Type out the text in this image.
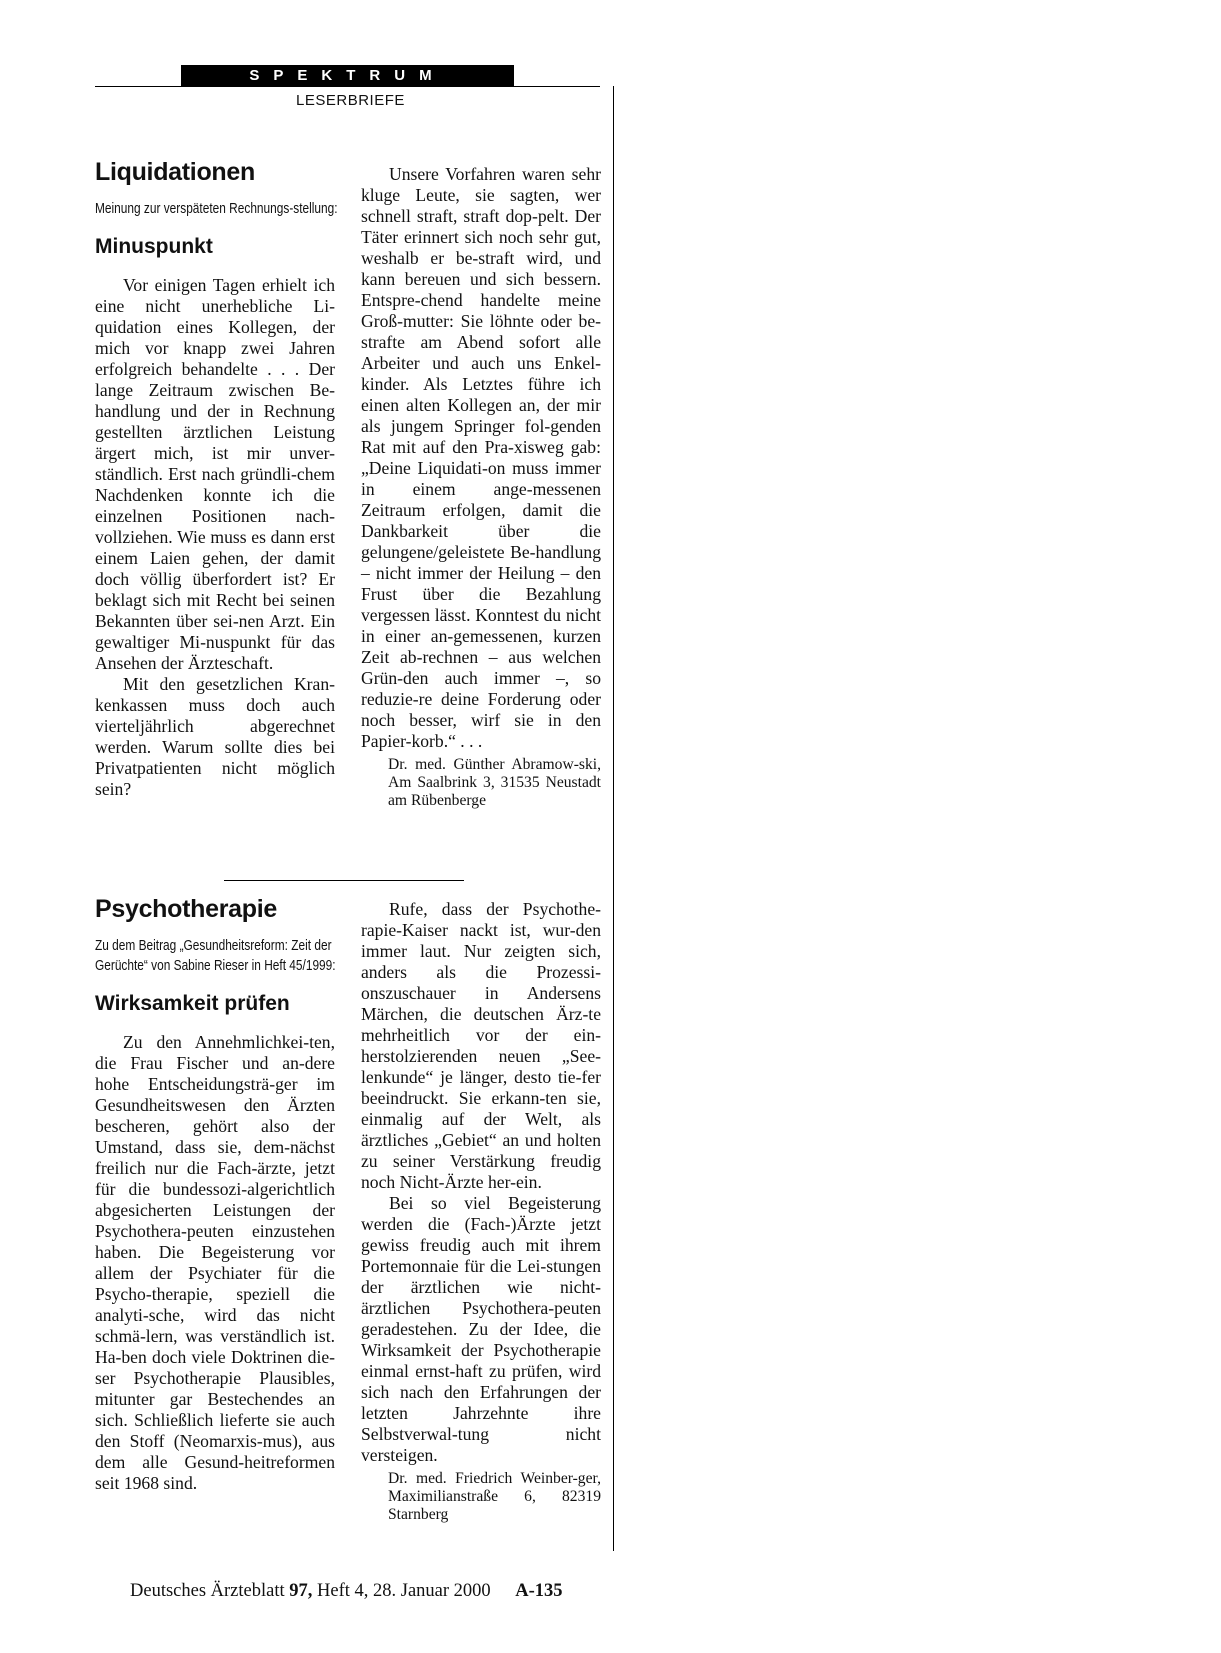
SPEKTRUM
LESERBRIEFE
Liquidationen
Meinung zur verspäteten Rechnungs-stellung:
Minuspunkt

Vor einigen Tagen erhielt ich eine nicht unerhebliche Li-quidation eines Kollegen, der mich vor knapp zwei Jahren erfolgreich behandelte . . . Der lange Zeitraum zwischen Be-handlung und der in Rechnung gestellten ärztlichen Leistung ärgert mich, ist mir unver-ständlich. Erst nach gründli-chem Nachdenken konnte ich die einzelnen Positionen nach-vollziehen. Wie muss es dann erst einem Laien gehen, der damit doch völlig überfordert ist? Er beklagt sich mit Recht bei seinen Bekannten über sei-nen Arzt. Ein gewaltiger Mi-nuspunkt für das Ansehen der Ärzteschaft.

Mit den gesetzlichen Kran-kenkassen muss doch auch vierteljährlich abgerechnet werden. Warum sollte dies bei Privatpatienten nicht möglich sein?

Unsere Vorfahren waren sehr kluge Leute, sie sagten, wer schnell straft, straft dop-pelt. Der Täter erinnert sich noch sehr gut, weshalb er be-straft wird, und kann bereuen und sich bessern. Entspre-chend handelte meine Groß-mutter: Sie löhnte oder be-strafte am Abend sofort alle Arbeiter und auch uns Enkel-kinder. Als Letztes führe ich einen alten Kollegen an, der mir als jungem Springer fol-genden Rat mit auf den Pra-xisweg gab: „Deine Liquidati-on muss immer in einem ange-messenen Zeitraum erfolgen, damit die Dankbarkeit über die gelungene/geleistete Be-handlung – nicht immer der Heilung – den Frust über die Bezahlung vergessen lässt. Konntest du nicht in einer an-gemessenen, kurzen Zeit ab-rechnen – aus welchen Grün-den auch immer –, so reduzie-re deine Forderung oder noch besser, wirf sie in den Papier-korb.“ . . .

Dr. med. Günther Abramow-ski, Am Saalbrink 3, 31535 Neustadt am Rübenberge
Psychotherapie
Zu dem Beitrag „Gesundheitsreform: Zeit der Gerüchte“ von Sabine Rieser in Heft 45/1999:
Wirksamkeit prüfen

Zu den Annehmlichkei-ten, die Frau Fischer und an-dere hohe Entscheidungsträ-ger im Gesundheitswesen den Ärzten bescheren, gehört also der Umstand, dass sie, dem-nächst freilich nur die Fach-ärzte, jetzt für die bundessozi-algerichtlich abgesicherten Leistungen der Psychothera-peuten einzustehen haben. Die Begeisterung vor allem der Psychiater für die Psycho-therapie, speziell die analyti-sche, wird das nicht schmä-lern, was verständlich ist. Ha-ben doch viele Doktrinen die-ser Psychotherapie Plausibles, mitunter gar Bestechendes an sich. Schließlich lieferte sie auch den Stoff (Neomarxis-mus), aus dem alle Gesund-heitreformen seit 1968 sind.

Rufe, dass der Psychothe-rapie-Kaiser nackt ist, wur-den immer laut. Nur zeigten sich, anders als die Prozessi-onszuschauer in Andersens Märchen, die deutschen Ärz-te mehrheitlich vor der ein-herstolzierenden neuen „See-lenkunde“ je länger, desto tie-fer beeindruckt. Sie erkann-ten sie, einmalig auf der Welt, als ärztliches „Gebiet“ an und holten zu seiner Verstärkung freudig noch Nicht-Ärzte her-ein.

Bei so viel Begeisterung werden die (Fach-)Ärzte jetzt gewiss freudig auch mit ihrem Portemonnaie für die Lei-stungen der ärztlichen wie nicht-ärztlichen Psychothera-peuten geradestehen. Zu der Idee, die Wirksamkeit der Psychotherapie einmal ernst-haft zu prüfen, wird sich nach den Erfahrungen der letzten Jahrzehnte ihre Selbstverwal-tung nicht versteigen.

Dr. med. Friedrich Weinber-ger, Maximilianstraße 6, 82319 Starnberg
Deutsches Ärzteblatt 97, Heft 4, 28. Januar 2000 A-135
